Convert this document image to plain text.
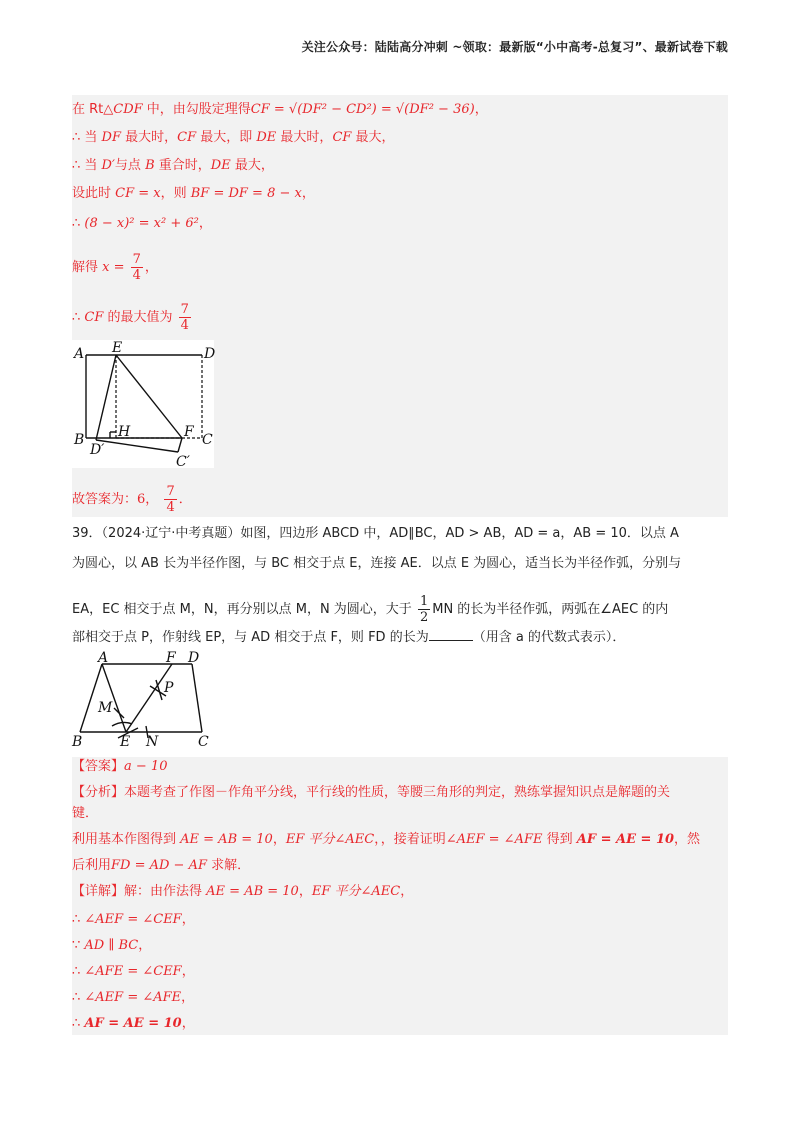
关注公众号：陆陆高分冲刺 ~领取：最新版“小中高考-总复习”、最新试卷下载
在 Rt△CDF 中，由勾股定理得CF = √(DF² − CD²) = √(DF² − 36)，
∴ 当 DF 最大时，CF 最大，即 DE 最大时，CF 最大，
∴ 当 D′与点 B 重合时，DE 最大，
设此时 CF = x，则 BF = DF = 8 − x，
∴ (8 − x)² = x² + 6²，
解得 $x = \frac{7}{4}$ ，
∴ CF 的最大值为 $\frac{7}{4}$
A E	D
H
B
D′
F C
C′
故答案为：6， $\frac{7}{4}$ ．
39．（2024·辽宁·中考真题）如图，四边形 ABCD 中，AD∥BC，AD > AB，AD = a，AB = 10．以点 A
为圆心，以 AB 长为半径作图，与 BC 相交于点 E，连接 AE．以点 E 为圆心，适当长为半径作弧，分别与
EA，EC 相交于点 M，N，再分别以点 M，N 为圆心，大于 $\frac{1}{2}$ MN 的长为半径作弧，两弧在∠AEC 的内
部相交于点 P，作射线 EP，与 AD 相交于点 F，则 FD 的长为	（用含 a 的代数式表示）．
A	F D
P
M
B	E N	C
【答案】a − 10
【分析】本题考查了作图－作角平分线，平行线的性质，等腰三角形的判定，熟练掌握知识点是解题的关
键．
利用基本作图得到 AE = AB = 10，EF 平分∠AEC，，接着证明∠AEF = ∠AFE 得到 AF = AE = 10，然
后利用FD = AD − AF 求解．
【详解】解：由作法得 AE = AB = 10，EF 平分∠AEC，
∴ ∠AEF = ∠CEF，
∵ AD ∥ BC，
∴ ∠AFE = ∠CEF，
∴ ∠AEF = ∠AFE，
∴ AF = AE = 10，
